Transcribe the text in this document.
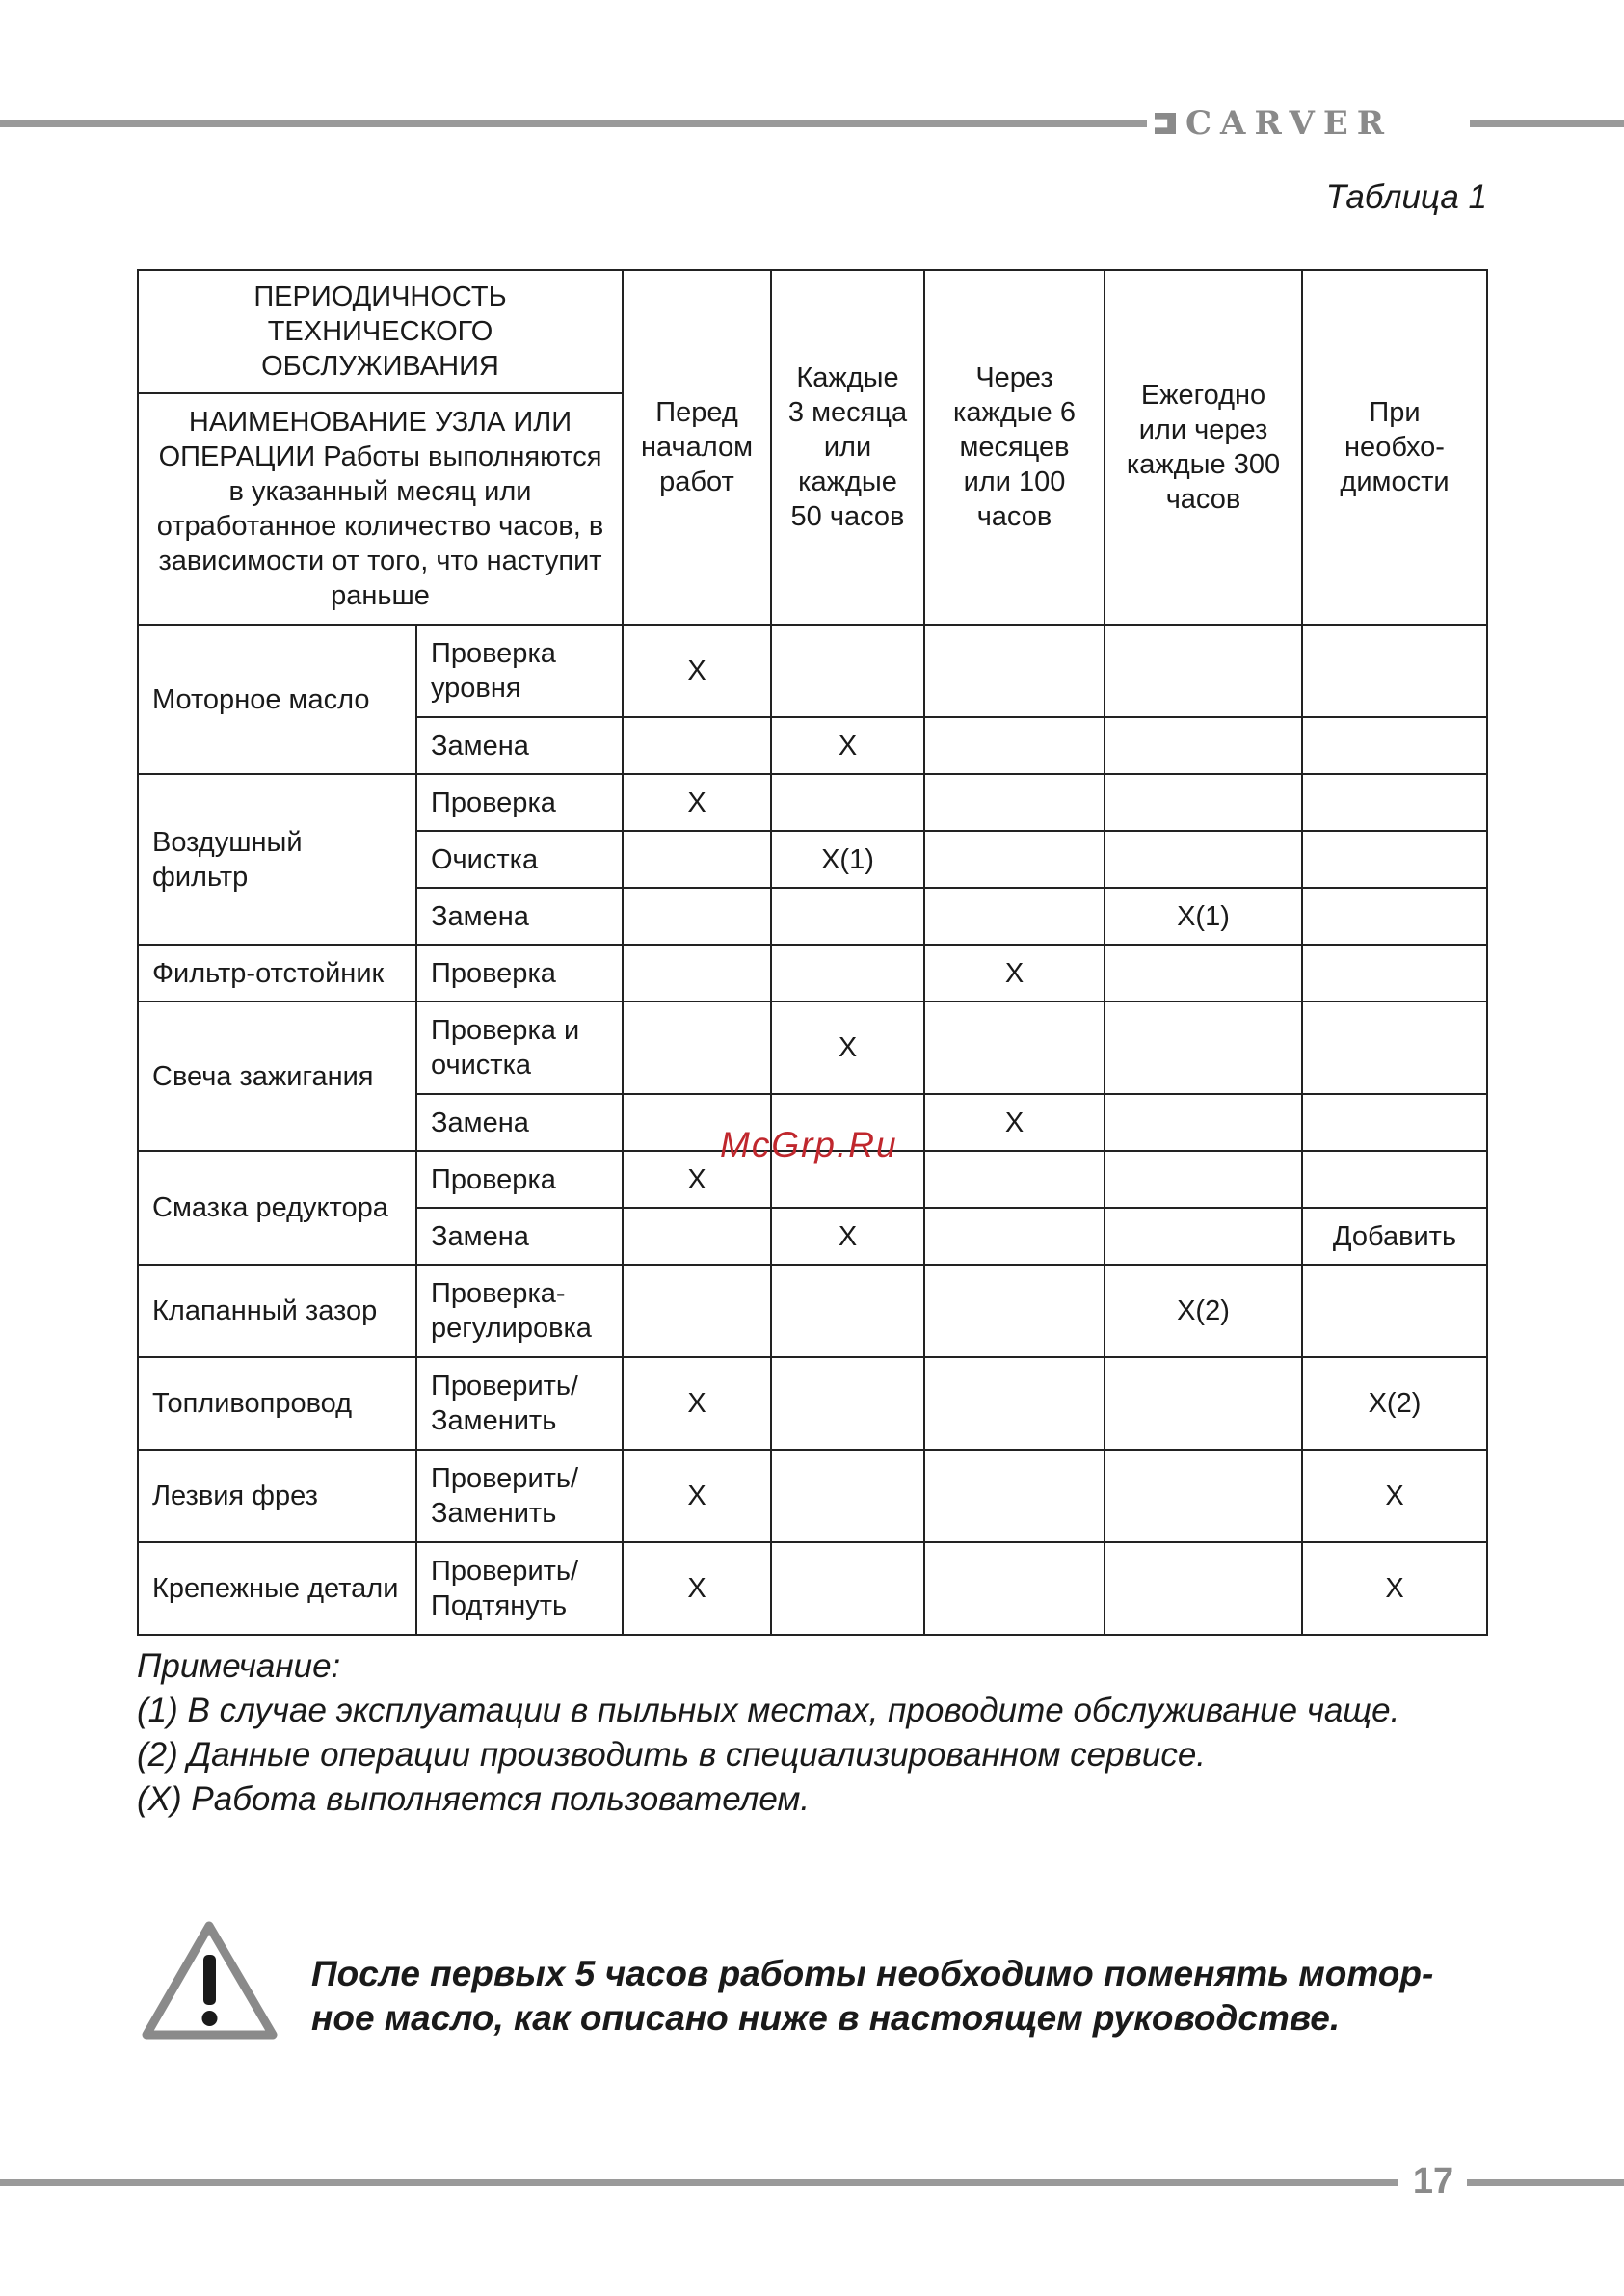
CARVER
Таблица 1
ПЕРИОДИЧНОСТЬ ТЕХНИЧЕСКОГО ОБСЛУЖИВАНИЯ		Перед началом работ	Каждые 3 месяца или каждые 50 часов	Через каждые 6 месяцев или 100 часов	Ежегодно или через каждые 300 часов	При необхо-димости
НАИМЕНОВАНИЕ УЗЛА ИЛИ ОПЕРАЦИИ Работы выполняются в указанный месяц или отработанное количество часов, в зависимости от того, что наступит раньше						
Моторное масло	Проверка уровня	X				
	Замена		X			
Воздушный фильтр	Проверка	X				
	Очистка		X(1)			
	Замена				X(1)	
Фильтр-отстойник	Проверка			X		
Свеча зажигания	Проверка и очистка		X			
	Замена			X		
Смазка редуктора	Проверка	X				
	Замена		X			Добавить
Клапанный зазор	Проверка-регулировка				X(2)	
Топливопровод	Проверить/ Заменить	X				X(2)
Лезвия фрез	Проверить/ Заменить	X				X
Крепежные детали	Проверить/ Подтянуть	X				X
McGrp.Ru
Примечание:
(1) В случае эксплуатации в пыльных местах, проводите обслуживание чаще.
(2) Данные операции производить в специализированном сервисе.
(X) Работа выполняется пользователем.
После первых 5 часов работы необходимо поменять мотор-ное масло, как описано ниже в настоящем руководстве.
17
